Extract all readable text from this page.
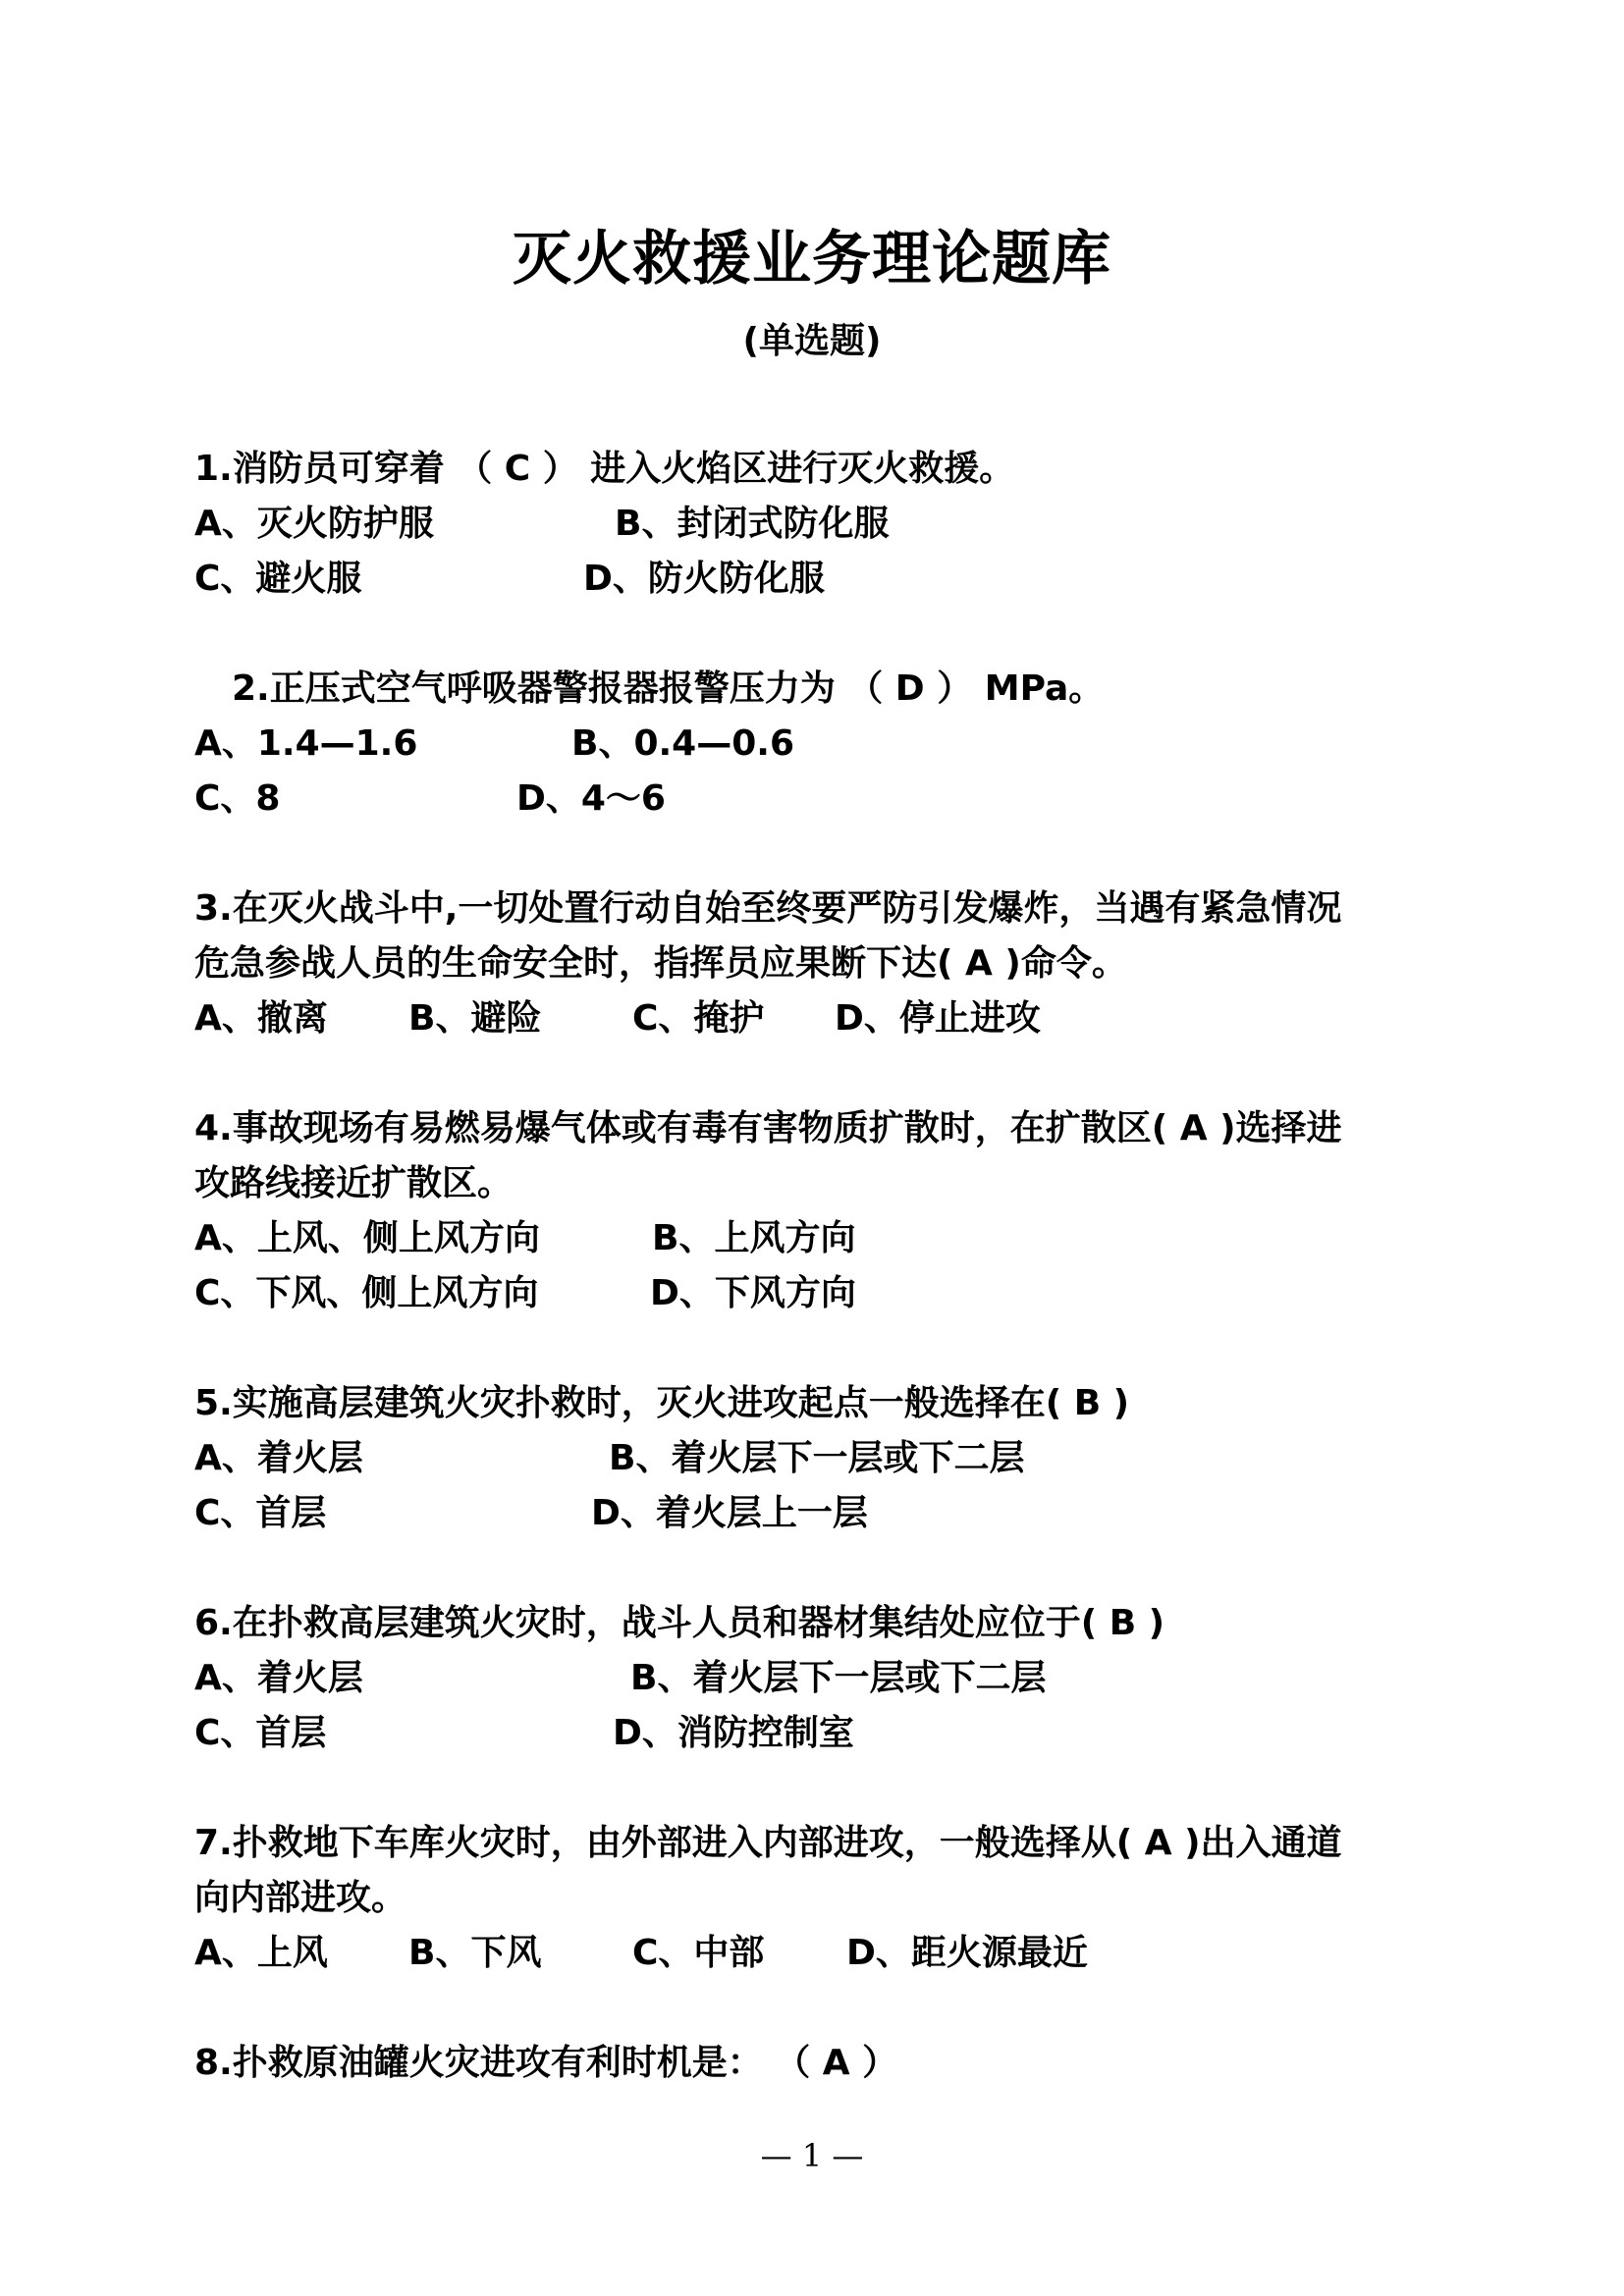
灭火救援业务理论题库
(单选题)
1.消防员可穿着 （ C ） 进入火焰区进行灭火救援。
A、灭火防护服	B、封闭式防化服
C、避火服	D、防火防化服
2.正压式空气呼吸器警报器报警压力为 （ D ） MPa。
A、1.4—1.6	B、0.4—0.6
C、8	D、4～6
3.在灭火战斗中,一切处置行动自始至终要严防引发爆炸，当遇有紧急情况
危急参战人员的生命安全时，指挥员应果断下达( A )命令。
A、撤离 B、避险	C、掩护 D、停止进攻
4.事故现场有易燃易爆气体或有毒有害物质扩散时，在扩散区( A )选择进
攻路线接近扩散区。
A、上风、侧上风方向	B、上风方向
C、下风、侧上风方向	D、下风方向
5.实施高层建筑火灾扑救时，灭火进攻起点一般选择在( B )
A、着火层	B、着火层下一层或下二层
C、首层	D、着火层上一层
6.在扑救高层建筑火灾时，战斗人员和器材集结处应位于( B )
A、着火层	B、着火层下一层或下二层
C、首层	D、消防控制室
7.扑救地下车库火灾时，由外部进入内部进攻，一般选择从( A )出入通道
向内部进攻。
A、上风 B、下风	C、中部 D、距火源最近
8.扑救原油罐火灾进攻有利时机是： （ A ）
— 1 —
